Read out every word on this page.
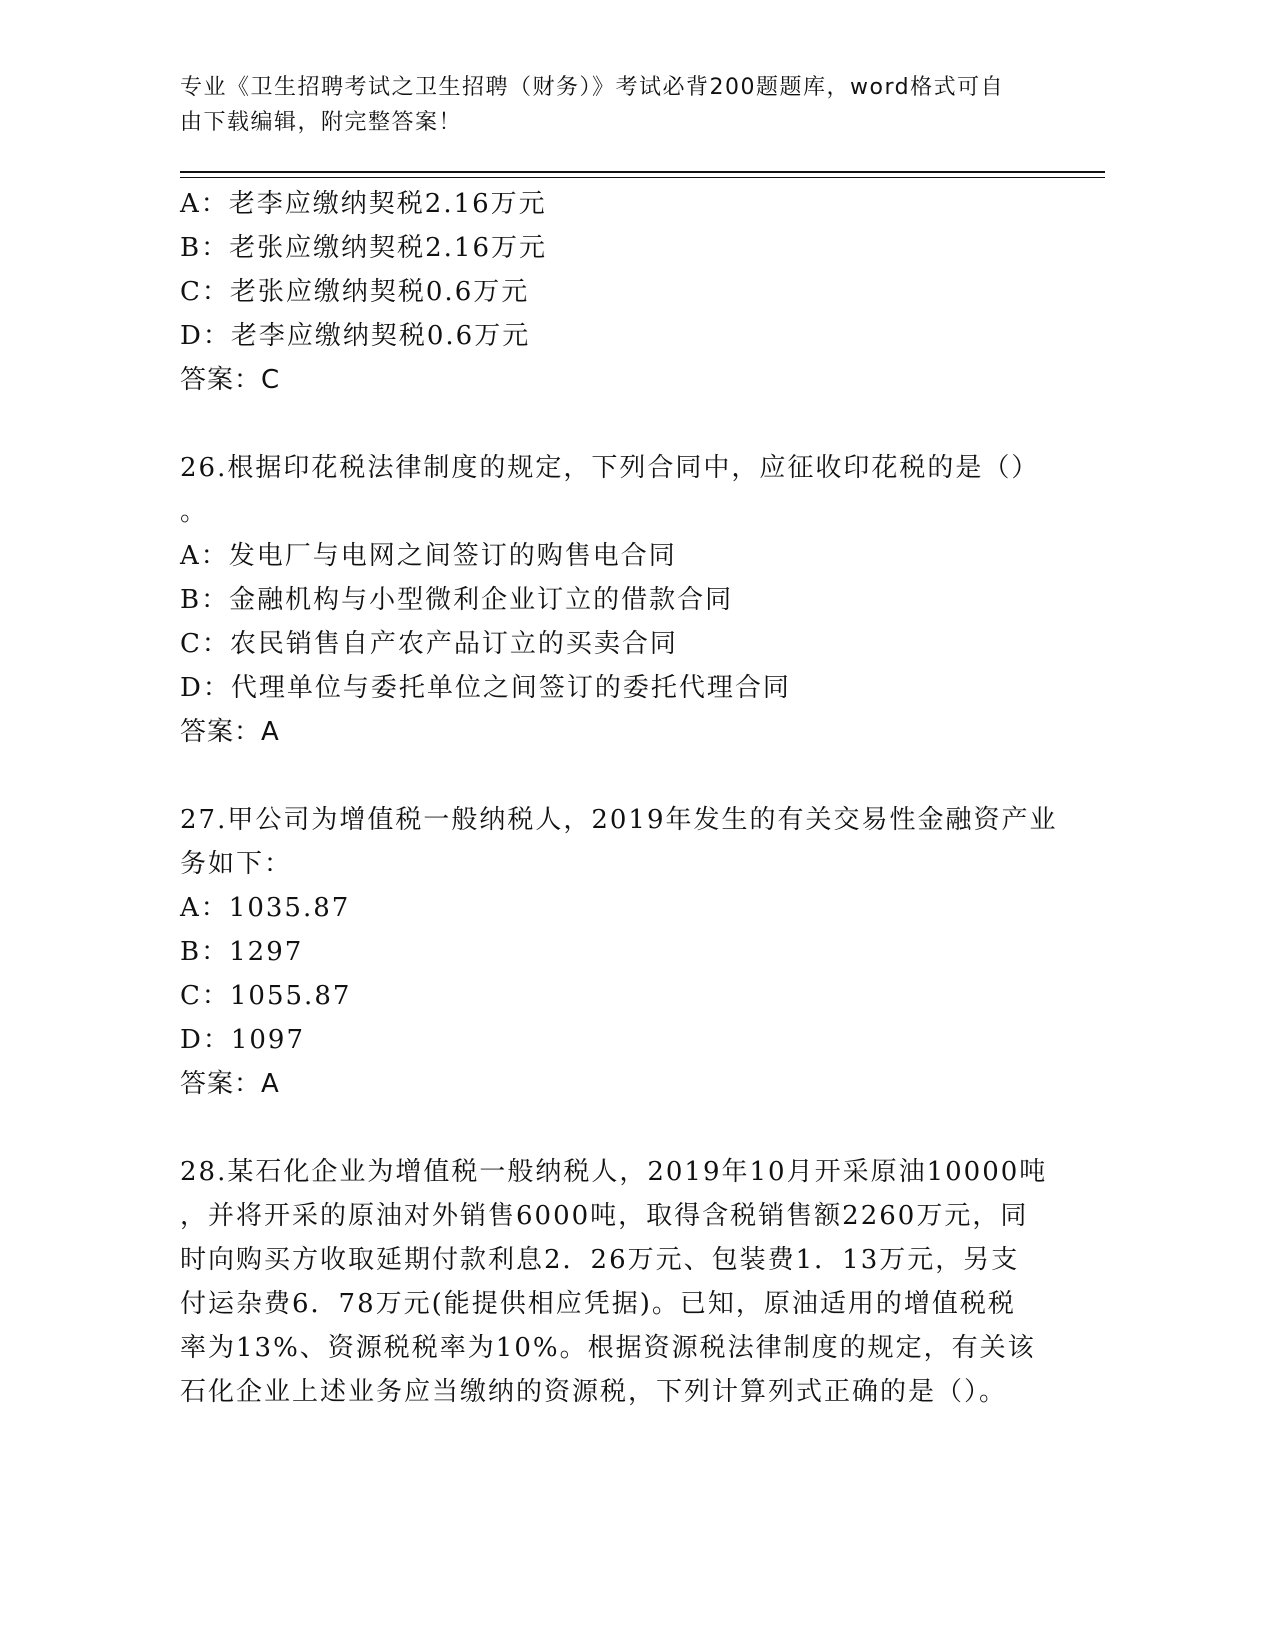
专业《卫生招聘考试之卫生招聘（财务）》考试必背200题题库，word格式可自
由下载编辑，附完整答案！
A：老李应缴纳契税2.16万元
B：老张应缴纳契税2.16万元
C：老张应缴纳契税0.6万元
D：老李应缴纳契税0.6万元
答案：C
26.根据印花税法律制度的规定，下列合同中，应征收印花税的是（）
。
A：发电厂与电网之间签订的购售电合同
B：金融机构与小型微利企业订立的借款合同
C：农民销售自产农产品订立的买卖合同
D：代理单位与委托单位之间签订的委托代理合同
答案：A
27.甲公司为增值税一般纳税人，2019年发生的有关交易性金融资产业
务如下：
A：1035.87
B：1297
C：1055.87
D：1097
答案：A
28.某石化企业为增值税一般纳税人，2019年10月开采原油10000吨
，并将开采的原油对外销售6000吨，取得含税销售额2260万元，同
时向购买方收取延期付款利息2．26万元、包装费1．13万元，另支
付运杂费6．78万元(能提供相应凭据)。已知，原油适用的增值税税
率为13%、资源税税率为10%。根据资源税法律制度的规定，有关该
石化企业上述业务应当缴纳的资源税，下列计算列式正确的是（）。
